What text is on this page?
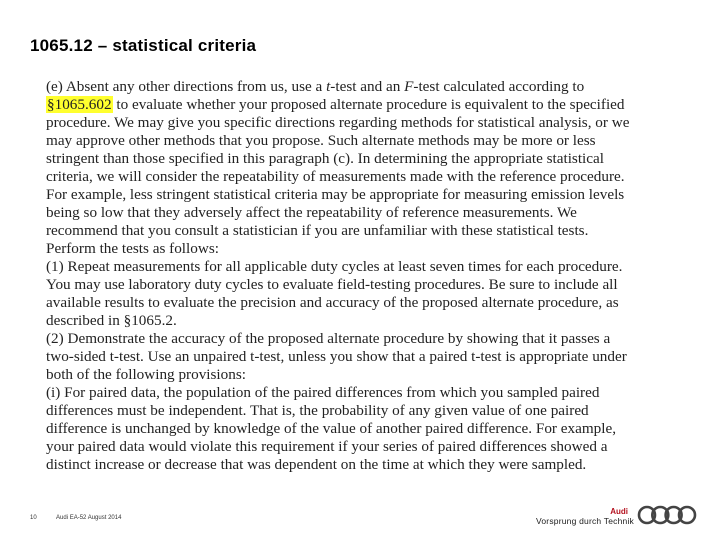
1065.12 – statistical criteria
(e) Absent any other directions from us, use a t-test and an F-test calculated according to
§1065.602 to evaluate whether your proposed alternate procedure is equivalent to the specified
procedure. We may give you specific directions regarding methods for statistical analysis, or we
may approve other methods that you propose. Such alternate methods may be more or less
stringent than those specified in this paragraph (c). In determining the appropriate statistical
criteria, we will consider the repeatability of measurements made with the reference procedure.
For example, less stringent statistical criteria may be appropriate for measuring emission levels
being so low that they adversely affect the repeatability of reference measurements. We
recommend that you consult a statistician if you are unfamiliar with these statistical tests.
Perform the tests as follows:
(1) Repeat measurements for all applicable duty cycles at least seven times for each procedure.
You may use laboratory duty cycles to evaluate field-testing procedures. Be sure to include all
available results to evaluate the precision and accuracy of the proposed alternate procedure, as
described in §1065.2.
(2) Demonstrate the accuracy of the proposed alternate procedure by showing that it passes a
two-sided t-test. Use an unpaired t-test, unless you show that a paired t-test is appropriate under
both of the following provisions:
(i) For paired data, the population of the paired differences from which you sampled paired
differences must be independent. That is, the probability of any given value of one paired
difference is unchanged by knowledge of the value of another paired difference. For example,
your paired data would violate this requirement if your series of paired differences showed a
distinct increase or decrease that was dependent on the time at which they were sampled.
10	Audi EA-52 August 2014
Audi
Vorsprung durch Technik
